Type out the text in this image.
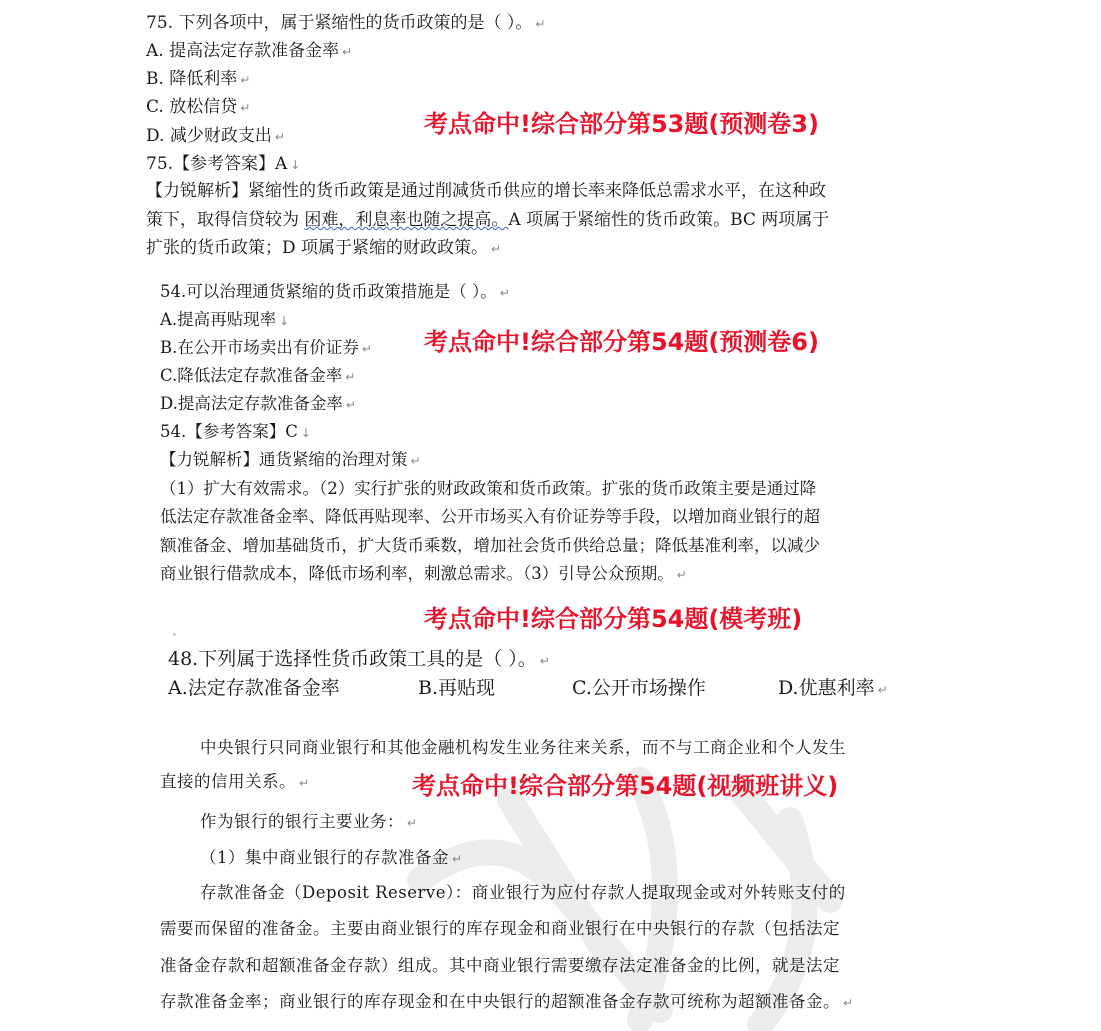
75. 下列各项中，属于紧缩性的货币政策的是（ ）。 ↵

A. 提高法定存款准备金率 ↵

B. 降低利率 ↵

C. 放松信贷 ↵

D. 减少财政支出 ↵

75.【参考答案】A ↓

【力锐解析】紧缩性的货币政策是通过削减货币供应的增长率来降低总需求水平，在这种政

策下，取得信贷较为 困难，利息率也随之提高。A 项属于紧缩性的货币政策。BC 两项属于

扩张的货币政策；D 项属于紧缩的财政政策。 ↵

考点命中!综合部分第53题(预测卷3)

54.可以治理通货紧缩的货币政策措施是（ ）。 ↵

A.提高再贴现率 ↓

B.在公开市场卖出有价证券 ↵

C.降低法定存款准备金率 ↵

D.提高法定存款准备金率 ↵

54.【参考答案】C ↓

【力锐解析】通货紧缩的治理对策 ↵

（1）扩大有效需求。（2）实行扩张的财政政策和货币政策。扩张的货币政策主要是通过降

低法定存款准备金率、降低再贴现率、公开市场买入有价证券等手段，以增加商业银行的超

额准备金、增加基础货币，扩大货币乘数，增加社会货币供给总量；降低基准利率，以减少

商业银行借款成本，降低市场利率，刺激总需求。（3）引导公众预期。 ↵

考点命中!综合部分第54题(预测卷6)
考点命中!综合部分第54题(模考班)

48.下列属于选择性货币政策工具的是（ ）。 ↵

A.法定存款准备金率	B.再贴现	C.公开市场操作	D.优惠利率 ↵

中央银行只同商业银行和其他金融机构发生业务往来关系，而不与工商企业和个人发生

直接的信用关系。 ↵

作为银行的银行主要业务： ↵

（1）集中商业银行的存款准备金 ↵

存款准备金（Deposit Reserve）：商业银行为应付存款人提取现金或对外转账支付的

需要而保留的准备金。主要由商业银行的库存现金和商业银行在中央银行的存款（包括法定

准备金存款和超额准备金存款）组成。其中商业银行需要缴存法定准备金的比例，就是法定

存款准备金率；商业银行的库存现金和在中央银行的超额准备金存款可统称为超额准备金。 ↵

考点命中!综合部分第54题(视频班讲义)
、
